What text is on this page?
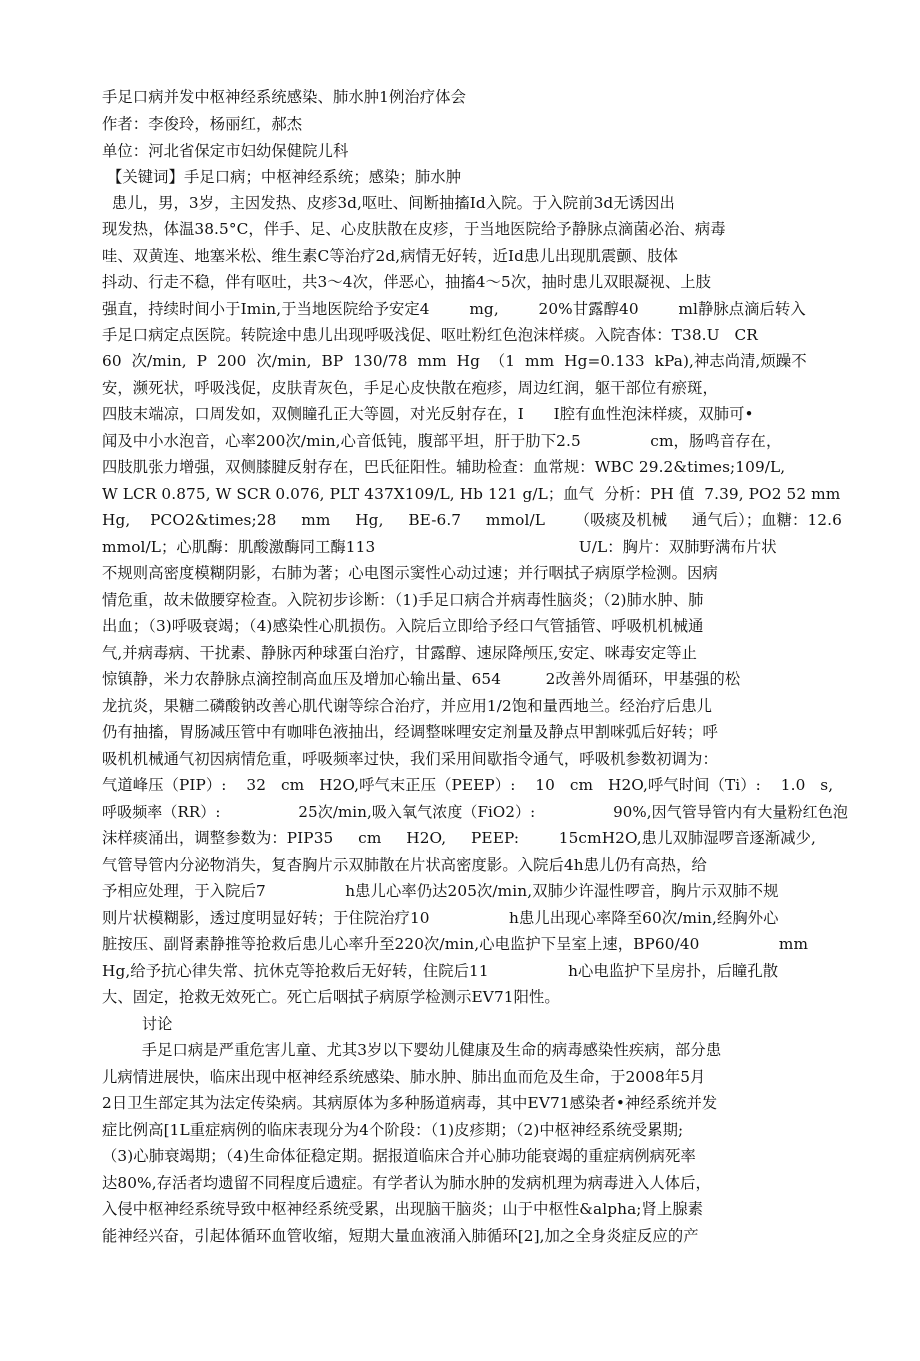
手足口病并发中枢神经系统感染、肺水肿1例治疗体会
作者：李俊玲，杨丽红，郝杰
单位：河北省保定市妇幼保健院儿科
【关键词】手足口病；中枢神经系统；感染；肺水肿
患儿，男，3岁，主因发热、皮疹3d,呕吐、间断抽搐Id入院。于入院前3d无诱因出
现发热，体温38.5°C，伴手、足、心皮肤散在皮疹，于当地医院给予静脉点滴菌必治、病毒
哇、双黄连、地塞米松、维生素C等治疗2d,病情无好转，近Id患儿出现肌震颤、肢体
抖动、行走不稳，伴有呕吐，共3〜4次，伴恶心，抽搐4〜5次，抽时患儿双眼凝视、上肢
强直，持续时间小于Imin,于当地医院给予安定4        mg,        20%甘露醇40        ml静脉点滴后转入
手足口病定点医院。转院途中患儿出现呼吸浅促、呕吐粉红色泡沫样痰。入院杳体：T38.U   CR
60  次/min,  P  200  次/min,  BP  130/78  mm  Hg  （1  mm  Hg=0.133  kPa),神志尚清,烦躁不
安，濒死状，呼吸浅促，皮肤青灰色，手足心皮快散在疱疹，周边红润，躯干部位有瘀斑，
四肢末端凉，口周发如，双侧瞳孔正大等圆，对光反射存在，I      I腔有血性泡沫样痰，双肺可•
闻及中小水泡音，心率200次/min,心音低钝，腹部平坦，肝于肋下2.5              cm，肠鸣音存在，
四肢肌张力增强，双侧膝腱反射存在，巴氏征阳性。辅助检查：血常规：WBC 29.2&times;109/L,
W LCR 0.875, W SCR 0.076, PLT 437X109/L, Hb 121 g/L；血气  分析：PH 值  7.39, PO2 52 mm
Hg,    PCO2&times;28     mm     Hg,     BE-6.7     mmol/L      （吸痰及机械     通气后）；血糖：12.6
mmol/L；心肌酶：肌酸激酶同工酶113                                         U/L：胸片：双肺野满布片状
不规则高密度模糊阴影，右肺为著；心电图示窦性心动过速；并行咽拭子病原学检测。因病
情危重，故未做腰穿检查。入院初步诊断：（1)手足口病合并病毒性脑炎；（2)肺水肿、肺
出血；（3)呼吸衰竭；（4)感染性心肌损伤。入院后立即给予经口气管插管、呼吸机机械通
气,并病毒病、干扰素、静脉丙种球蛋白治疗，甘露醇、速尿降颅压,安定、咪毒安定等止
惊镇静，米力农静脉点滴控制高血压及增加心输出量、654         2改善外周循环，甲基强的松
龙抗炎，果糖二磷酸钠改善心肌代谢等综合治疗，并应用1/2饱和量西地兰。经治疗后患儿
仍有抽搐，胃肠减压管中有咖啡色液抽出，经调整咪哩安定剂量及静点甲割咪弧后好转；呼
吸机机械通气初因病情危重，呼吸频率过快，我们采用间歇指令通气，呼吸机参数初调为：
气道峰压（PIP）:    32   cm   H2O,呼气末正压（PEEP）:    10   cm   H2O,呼气时间（Ti）:    1.0   s,
呼吸频率（RR）:                25次/min,吸入氧气浓度（FiO2）:                90%,因气管导管内有大量粉红色泡
沫样痰涌出，调整参数为：PIP35     cm     H2O,     PEEP:        15cmH2O,患儿双肺湿啰音逐渐减少,
气管导管内分泌物消失，复杳胸片示双肺散在片状高密度影。入院后4h患儿仍有高热，给
予相应处理，于入院后7                h患儿心率仍达205次/min,双肺少许湿性啰音，胸片示双肺不规
则片状模糊影，透过度明显好转；于住院治疗10                h患儿出现心率降至60次/min,经胸外心
脏按压、副肾素静推等抢救后患儿心率升至220次/min,心电监护下呈室上速，BP60/40                mm
Hg,给予抗心律失常、抗休克等抢救后无好转，住院后11                h心电监护下呈房扑，后瞳孔散
大、固定，抢救无效死亡。死亡后咽拭子病原学检测示EV71阳性。
讨论
手足口病是严重危害儿童、尤其3岁以下婴幼儿健康及生命的病毒感染性疾病，部分患
儿病情进展快，临床出现中枢神经系统感染、肺水肿、肺出血而危及生命，于2008年5月
2日卫生部定其为法定传染病。其病原体为多种肠道病毒，其中EV71感染者•神经系统并发
症比例高[1L重症病例的临床表现分为4个阶段：（1)皮疹期；（2)中枢神经系统受累期;
（3)心肺衰竭期；（4)生命体征稳定期。据报道临床合并心肺功能衰竭的重症病例病死率
达80%,存活者均遗留不同程度后遗症。有学者认为肺水肿的发病机理为病毒进入人体后，
入侵中枢神经系统导致中枢神经系统受累，出现脑干脑炎；山于中枢性&alpha;肾上腺素
能神经兴奋，引起体循环血管收缩，短期大量血液涌入肺循环[2],加之全身炎症反应的产
